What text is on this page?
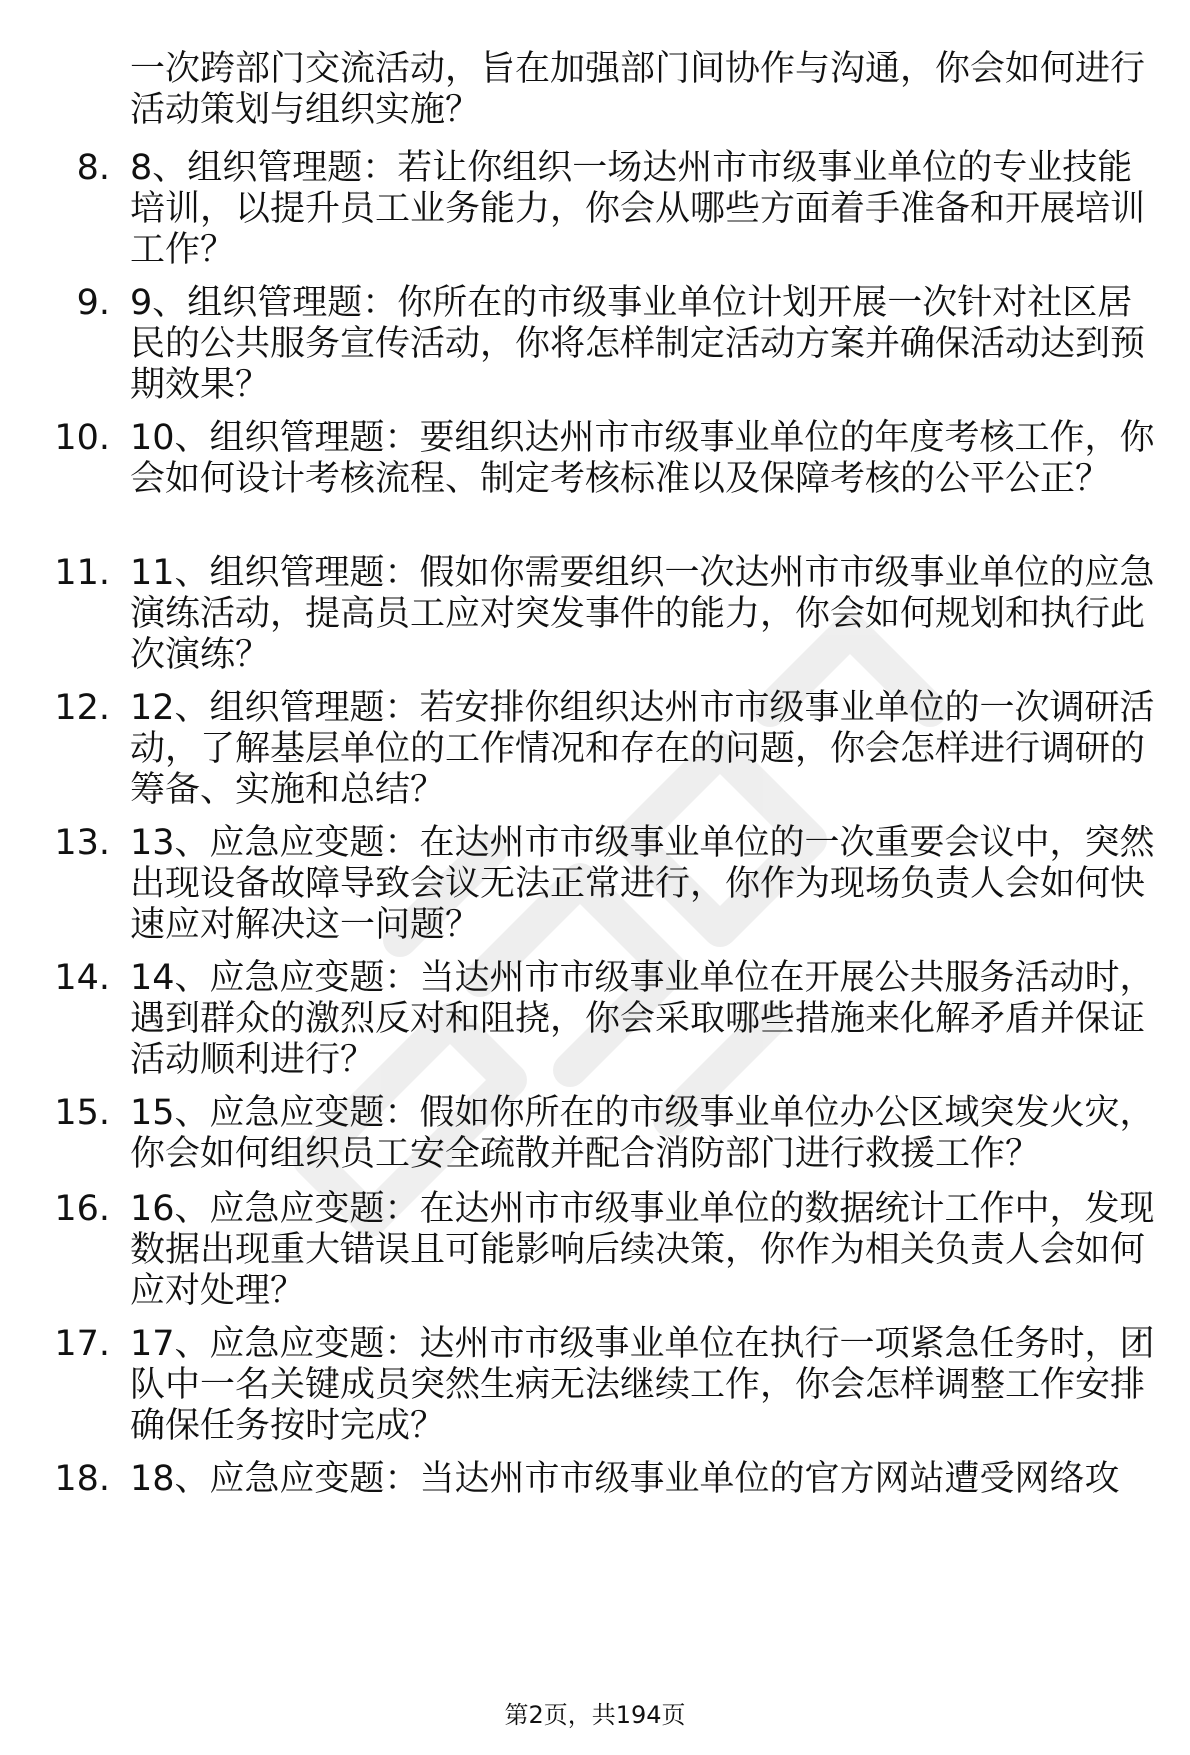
一次跨部门交流活动，旨在加强部门间协作与沟通，你会如何进行活动策划与组织实施？
8. 8、组织管理题：若让你组织一场达州市市级事业单位的专业技能培训，以提升员工业务能力，你会从哪些方面着手准备和开展培训工作？
9. 9、组织管理题：你所在的市级事业单位计划开展一次针对社区居民的公共服务宣传活动，你将怎样制定活动方案并确保活动达到预期效果？
10. 10、组织管理题：要组织达州市市级事业单位的年度考核工作，你会如何设计考核流程、制定考核标准以及保障考核的公平公正？
11. 11、组织管理题：假如你需要组织一次达州市市级事业单位的应急演练活动，提高员工应对突发事件的能力，你会如何规划和执行此次演练？
12. 12、组织管理题：若安排你组织达州市市级事业单位的一次调研活动，了解基层单位的工作情况和存在的问题，你会怎样进行调研的筹备、实施和总结？
13. 13、应急应变题：在达州市市级事业单位的一次重要会议中，突然出现设备故障导致会议无法正常进行，你作为现场负责人会如何快速应对解决这一问题？
14. 14、应急应变题：当达州市市级事业单位在开展公共服务活动时，遇到群众的激烈反对和阻挠，你会采取哪些措施来化解矛盾并保证活动顺利进行？
15. 15、应急应变题：假如你所在的市级事业单位办公区域突发火灾，你会如何组织员工安全疏散并配合消防部门进行救援工作？
16. 16、应急应变题：在达州市市级事业单位的数据统计工作中，发现数据出现重大错误且可能影响后续决策，你作为相关负责人会如何应对处理？
17. 17、应急应变题：达州市市级事业单位在执行一项紧急任务时，团队中一名关键成员突然生病无法继续工作，你会怎样调整工作安排确保任务按时完成？
18. 18、应急应变题：当达州市市级事业单位的官方网站遭受网络攻
第2页，共194页
